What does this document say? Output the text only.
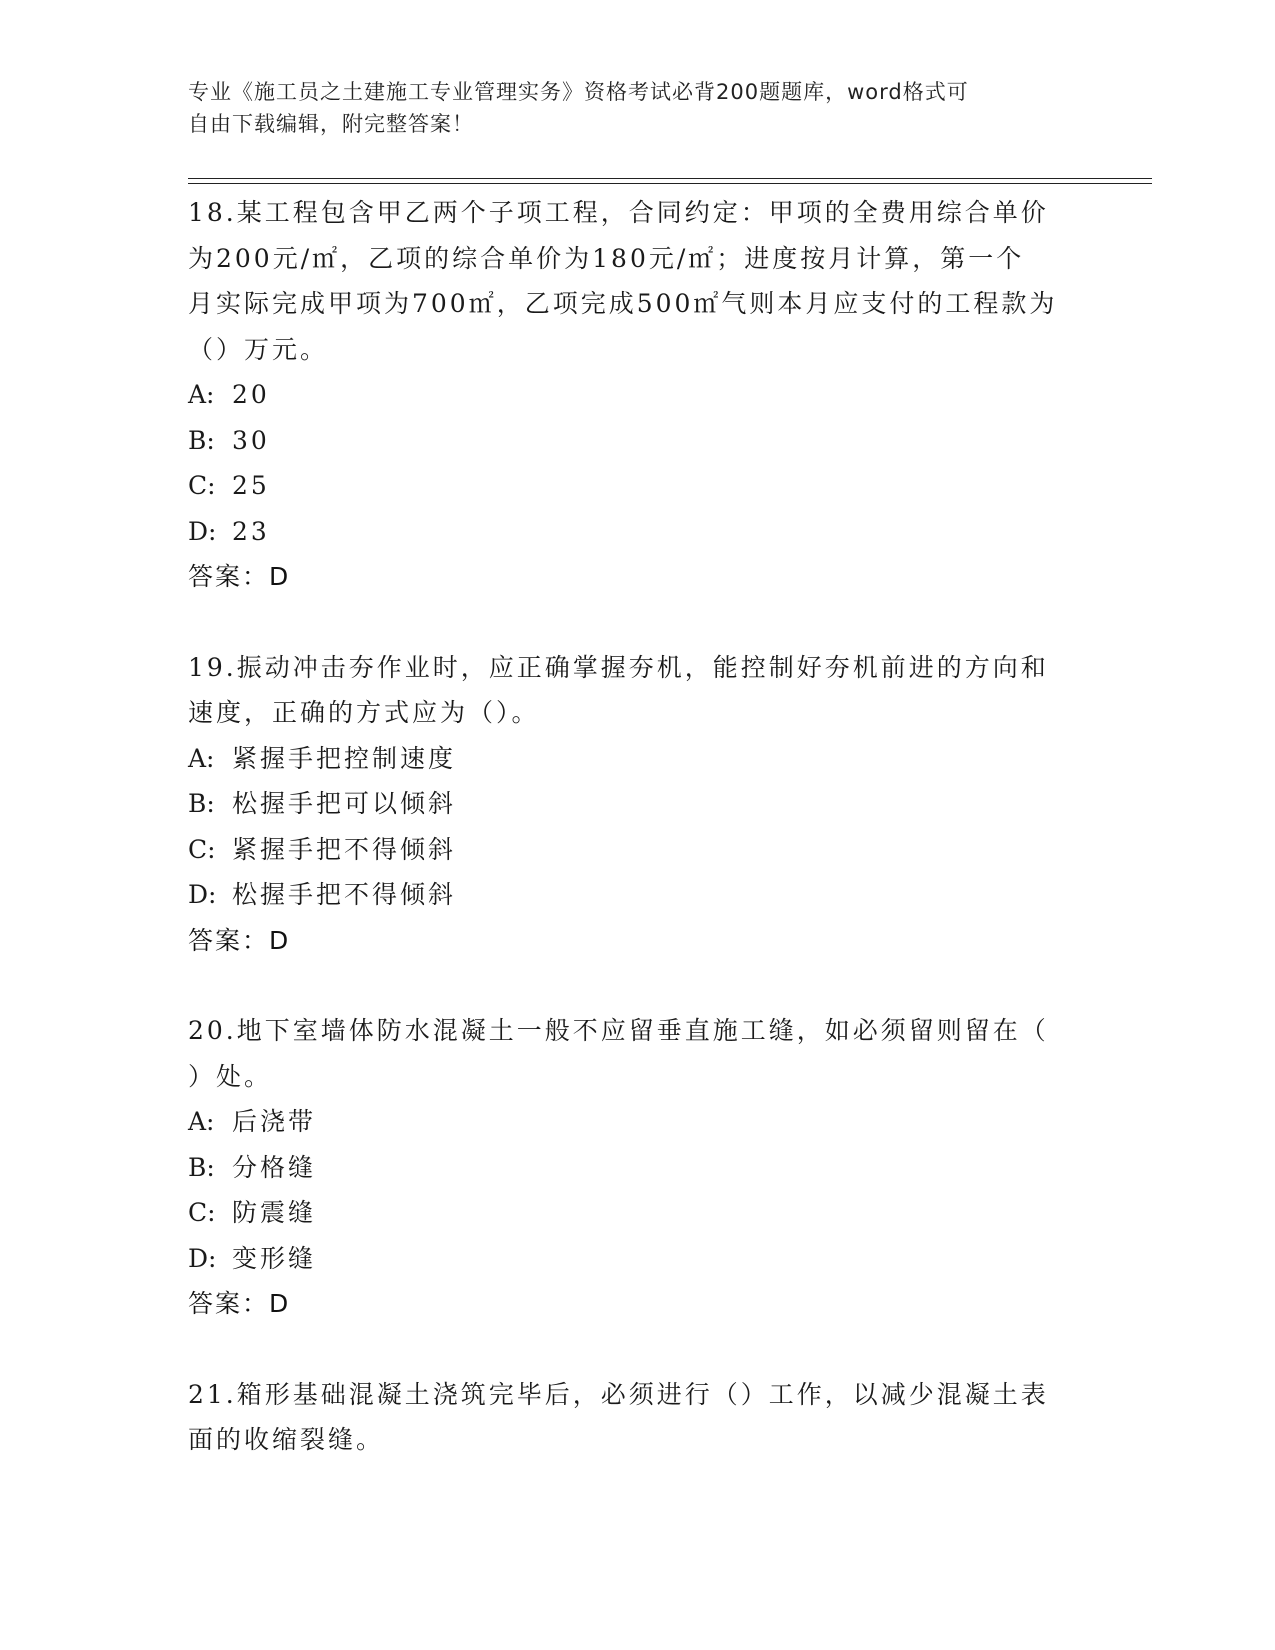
专业《施工员之土建施工专业管理实务》资格考试必背200题题库，word格式可
自由下载编辑，附完整答案！
18.某工程包含甲乙两个子项工程，合同约定：甲项的全费用综合单价
为200元/㎡，乙项的综合单价为180元/㎡；进度按月计算，第一个
月实际完成甲项为700㎡，乙项完成500㎡气则本月应支付的工程款为
（）万元。
A: 20
B: 30
C: 25
D: 23
答案：D
19.振动冲击夯作业时，应正确掌握夯机，能控制好夯机前进的方向和
速度，正确的方式应为（）。
A: 紧握手把控制速度
B: 松握手把可以倾斜
C: 紧握手把不得倾斜
D: 松握手把不得倾斜
答案：D
20.地下室墙体防水混凝土一般不应留垂直施工缝，如必须留则留在（
）处。
A: 后浇带
B: 分格缝
C: 防震缝
D: 变形缝
答案：D
21.箱形基础混凝土浇筑完毕后，必须进行（）工作，以减少混凝土表
面的收缩裂缝。
